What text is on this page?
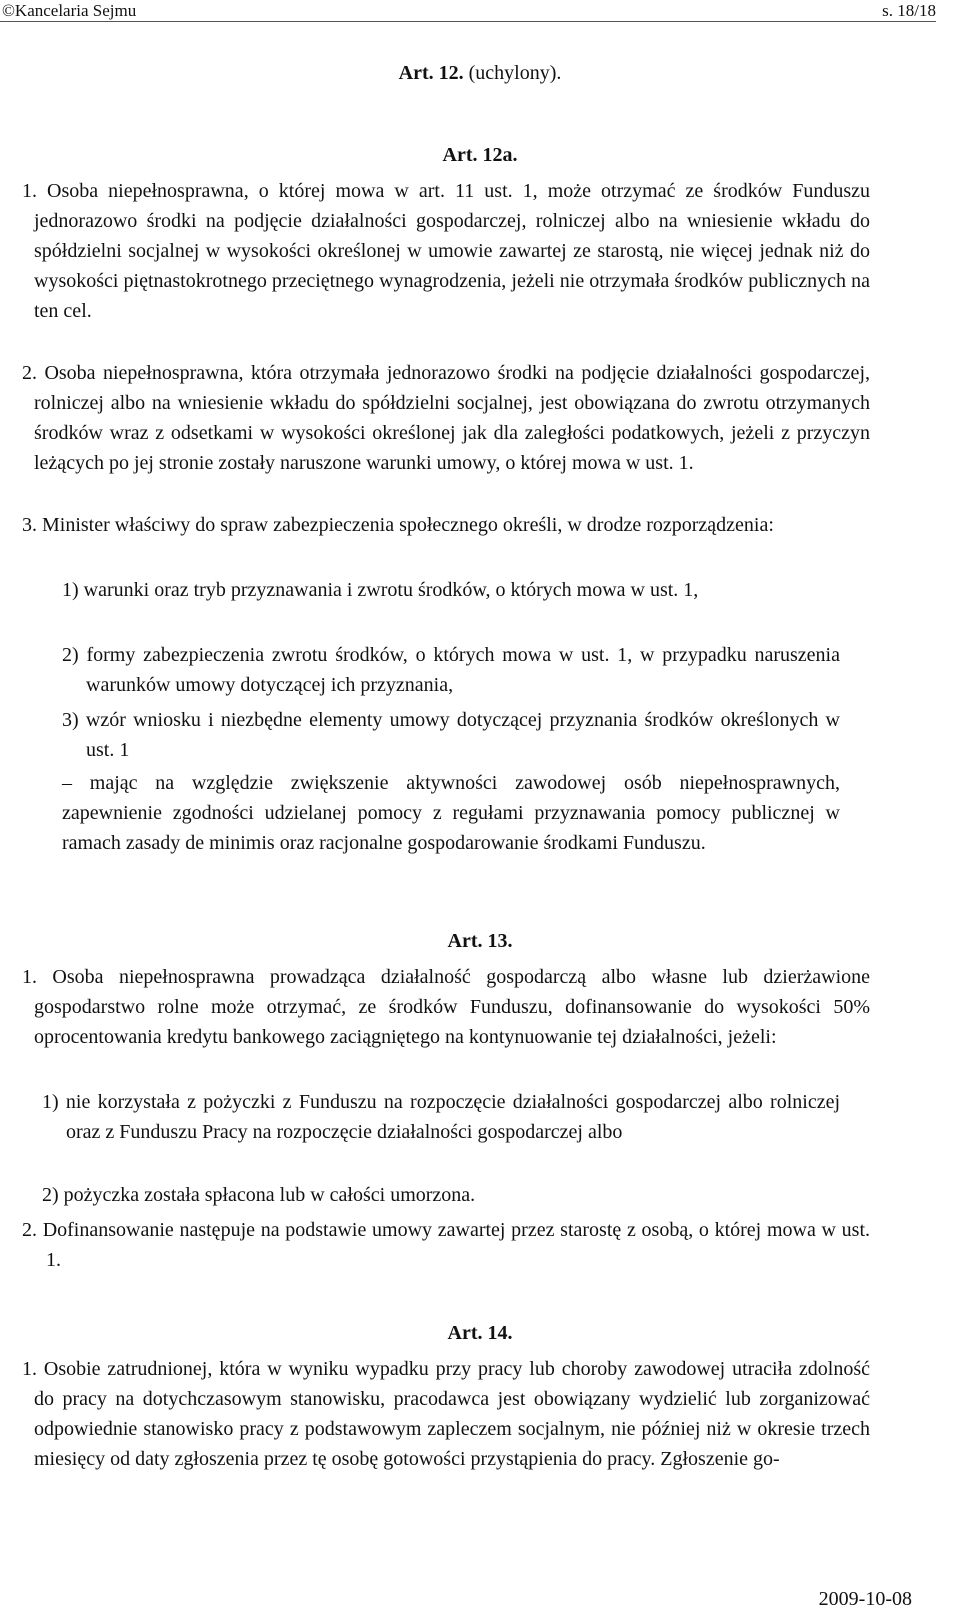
©Kancelaria Sejmu	s. 18/18
Art. 12. (uchylony).
Art. 12a.

1. Osoba niepełnosprawna, o której mowa w art. 11 ust. 1, może otrzymać ze środków Funduszu jednorazowo środki na podjęcie działalności gospodarczej, rolniczej albo na wniesienie wkładu do spółdzielni socjalnej w wysokości określonej w umowie zawartej ze starostą, nie więcej jednak niż do wysokości piętnastokrotnego przeciętnego wynagrodzenia, jeżeli nie otrzymała środków publicznych na ten cel.

2. Osoba niepełnosprawna, która otrzymała jednorazowo środki na podjęcie działalności gospodarczej, rolniczej albo na wniesienie wkładu do spółdzielni socjalnej, jest obowiązana do zwrotu otrzymanych środków wraz z odsetkami w wysokości określonej jak dla zaległości podatkowych, jeżeli z przyczyn leżących po jej stronie zostały naruszone warunki umowy, o której mowa w ust. 1.

3. Minister właściwy do spraw zabezpieczenia społecznego określi, w drodze rozporządzenia:

1) warunki oraz tryb przyznawania i zwrotu środków, o których mowa w ust. 1,

2) formy zabezpieczenia zwrotu środków, o których mowa w ust. 1, w przypadku naruszenia warunków umowy dotyczącej ich przyznania,

3) wzór wniosku i niezbędne elementy umowy dotyczącej przyznania środków określonych w ust. 1

– mając na względzie zwiększenie aktywności zawodowej osób niepełnosprawnych, zapewnienie zgodności udzielanej pomocy z regułami przyznawania pomocy publicznej w ramach zasady de minimis oraz racjonalne gospodarowanie środkami Funduszu.

Art. 13.

1. Osoba niepełnosprawna prowadząca działalność gospodarczą albo własne lub dzierżawione gospodarstwo rolne może otrzymać, ze środków Funduszu, dofinansowanie do wysokości 50% oprocentowania kredytu bankowego zaciągniętego na kontynuowanie tej działalności, jeżeli:

1) nie korzystała z pożyczki z Funduszu na rozpoczęcie działalności gospodarczej albo rolniczej oraz z Funduszu Pracy na rozpoczęcie działalności gospodarczej albo

2) pożyczka została spłacona lub w całości umorzona.

2. Dofinansowanie następuje na podstawie umowy zawartej przez starostę z osobą, o której mowa w ust. 1.

Art. 14.

1. Osobie zatrudnionej, która w wyniku wypadku przy pracy lub choroby zawodowej utraciła zdolność do pracy na dotychczasowym stanowisku, pracodawca jest obowiązany wydzielić lub zorganizować odpowiednie stanowisko pracy z podstawowym zapleczem socjalnym, nie później niż w okresie trzech miesięcy od daty zgłoszenia przez tę osobę gotowości przystąpienia do pracy. Zgłoszenie go-

2009-10-08
